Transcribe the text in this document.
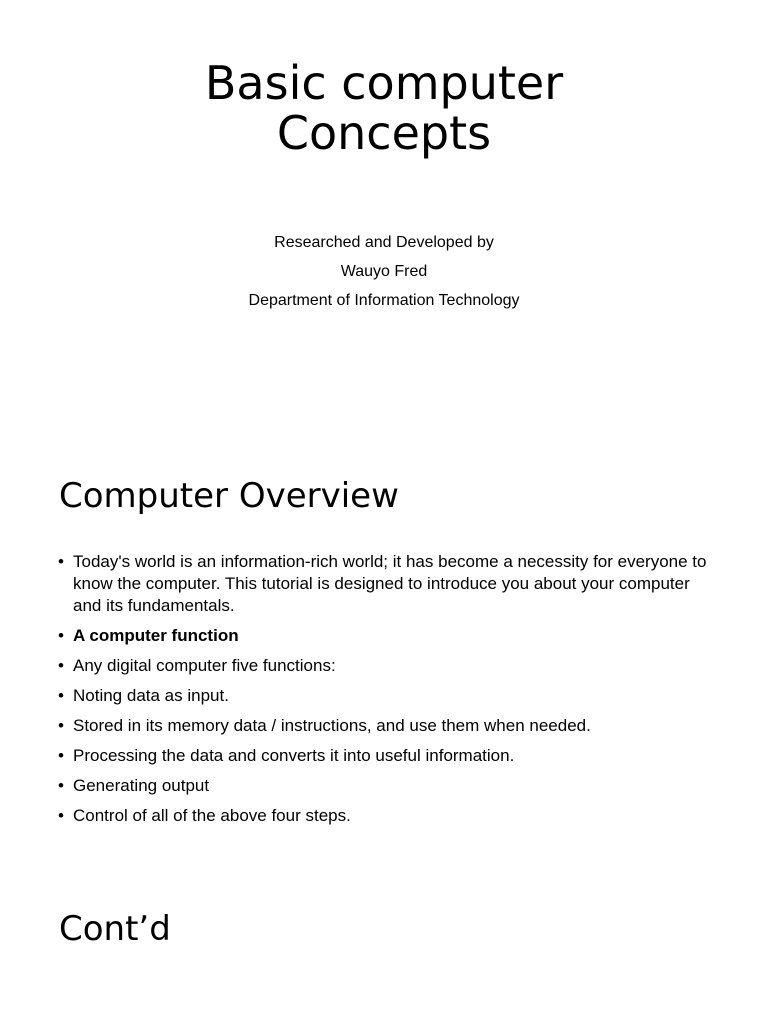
Basic computer
Concepts
Researched and Developed by
Wauyo Fred
Department of Information Technology
Computer Overview
• Today's world is an information-rich world; it has become a necessity for everyone to know the computer. This tutorial is designed to introduce you about your computer and its fundamentals.
• A computer function
• Any digital computer five functions:
• Noting data as input.
• Stored in its memory data / instructions, and use them when needed.
• Processing the data and converts it into useful information.
• Generating output
• Control of all of the above four steps.
Cont’d
